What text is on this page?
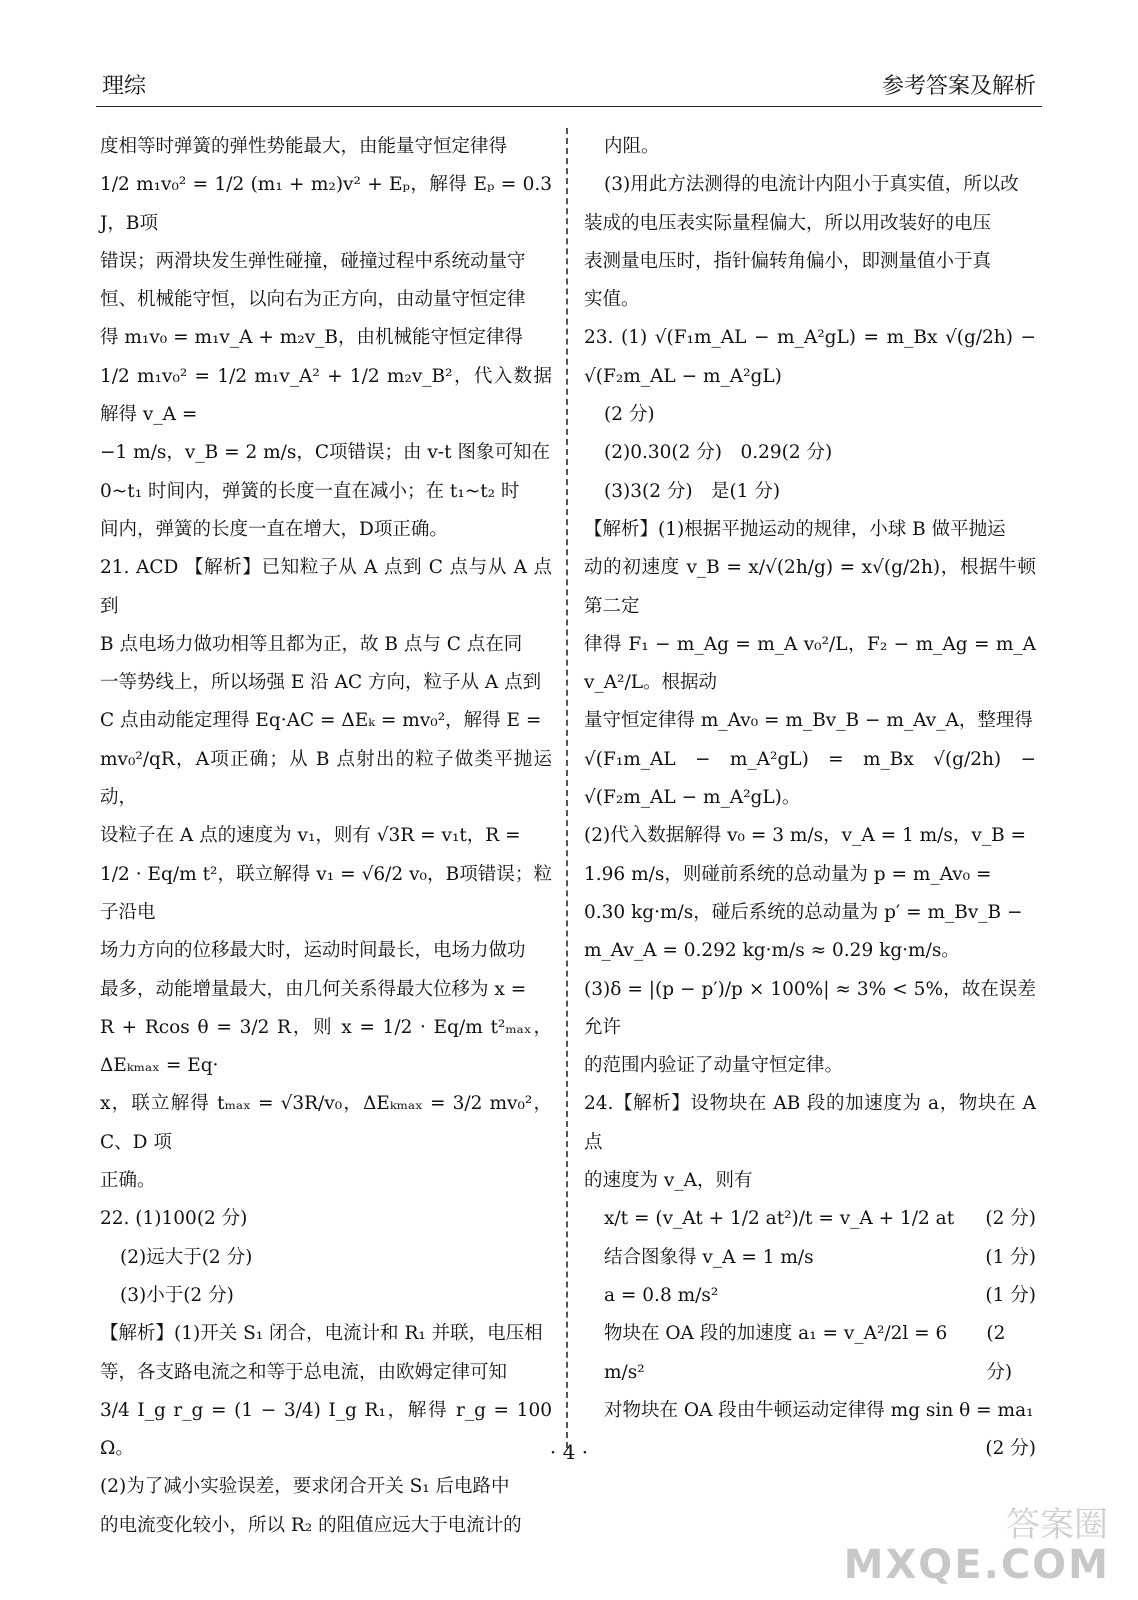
理综	参考答案及解析

度相等时弹簧的弹性势能最大，由能量守恒定律得

1/2 m₁v₀² = 1/2 (m₁ + m₂)v² + Eₚ，解得 Eₚ = 0.3 J，B项

错误；两滑块发生弹性碰撞，碰撞过程中系统动量守

恒、机械能守恒，以向右为正方向，由动量守恒定律

得 m₁v₀ = m₁v_A + m₂v_B，由机械能守恒定律得

1/2 m₁v₀² = 1/2 m₁v_A² + 1/2 m₂v_B²，代入数据解得 v_A =

−1 m/s，v_B = 2 m/s，C项错误；由 v-t 图象可知在

0~t₁ 时间内，弹簧的长度一直在减小；在 t₁~t₂ 时

间内，弹簧的长度一直在增大，D项正确。

21. ACD 【解析】已知粒子从 A 点到 C 点与从 A 点到

B 点电场力做功相等且都为正，故 B 点与 C 点在同

一等势线上，所以场强 E 沿 AC 方向，粒子从 A 点到

C 点由动能定理得 Eq·AC = ΔEₖ = mv₀²，解得 E =

mv₀²/qR，A项正确；从 B 点射出的粒子做类平抛运动，

设粒子在 A 点的速度为 v₁，则有 √3R = v₁t，R =

1/2 · Eq/m t²，联立解得 v₁ = √6/2 v₀，B项错误；粒子沿电

场力方向的位移最大时，运动时间最长，电场力做功

最多，动能增量最大，由几何关系得最大位移为 x =

R + Rcos θ = 3/2 R，则 x = 1/2 · Eq/m t²ₘₐₓ，ΔEₖₘₐₓ = Eq·

x，联立解得 tₘₐₓ = √3R/v₀，ΔEₖₘₐₓ = 3/2 mv₀²，C、D 项

正确。

22. (1)100(2 分)

(2)远大于(2 分)

(3)小于(2 分)

【解析】(1)开关 S₁ 闭合，电流计和 R₁ 并联，电压相

等，各支路电流之和等于总电流，由欧姆定律可知

3/4 I_g r_g = (1 − 3/4) I_g R₁，解得 r_g = 100 Ω。

(2)为了减小实验误差，要求闭合开关 S₁ 后电路中

的电流变化较小，所以 R₂ 的阻值应远大于电流计的

内阻。

(3)用此方法测得的电流计内阻小于真实值，所以改

装成的电压表实际量程偏大，所以用改装好的电压

表测量电压时，指针偏转角偏小，即测量值小于真

实值。

23. (1) √(F₁m_AL − m_A²gL) = m_Bx √(g/2h) − √(F₂m_AL − m_A²gL)

(2 分)

(2)0.30(2 分)　0.29(2 分)

(3)3(2 分)　是(1 分)

【解析】(1)根据平抛运动的规律，小球 B 做平抛运

动的初速度 v_B = x/√(2h/g) = x√(g/2h)，根据牛顿第二定

律得 F₁ − m_Ag = m_A v₀²/L，F₂ − m_Ag = m_A v_A²/L。根据动

量守恒定律得 m_Av₀ = m_Bv_B − m_Av_A，整理得

√(F₁m_AL − m_A²gL) = m_Bx √(g/2h) − √(F₂m_AL − m_A²gL)。

(2)代入数据解得 v₀ = 3 m/s，v_A = 1 m/s，v_B =

1.96 m/s，则碰前系统的总动量为 p = m_Av₀ =

0.30 kg·m/s，碰后系统的总动量为 p′ = m_Bv_B −

m_Av_A = 0.292 kg·m/s ≈ 0.29 kg·m/s。

(3)δ = |(p − p′)/p × 100%| ≈ 3% < 5%，故在误差允许

的范围内验证了动量守恒定律。

24.【解析】设物块在 AB 段的加速度为 a，物块在 A 点

的速度为 v_A，则有

x/t = (v_At + 1/2 at²)/t = v_A + 1/2 at (2 分)
结合图象得 v_A = 1 m/s	(1 分)
a = 0.8 m/s²	(1 分)
物块在 OA 段的加速度 a₁ = v_A²/2l = 6 m/s²
(2 分)
对物块在 OA 段由牛顿运动定律得 mg sin θ = ma₁
(2 分)
· 4 ·
答案圈
MXQE.COM
